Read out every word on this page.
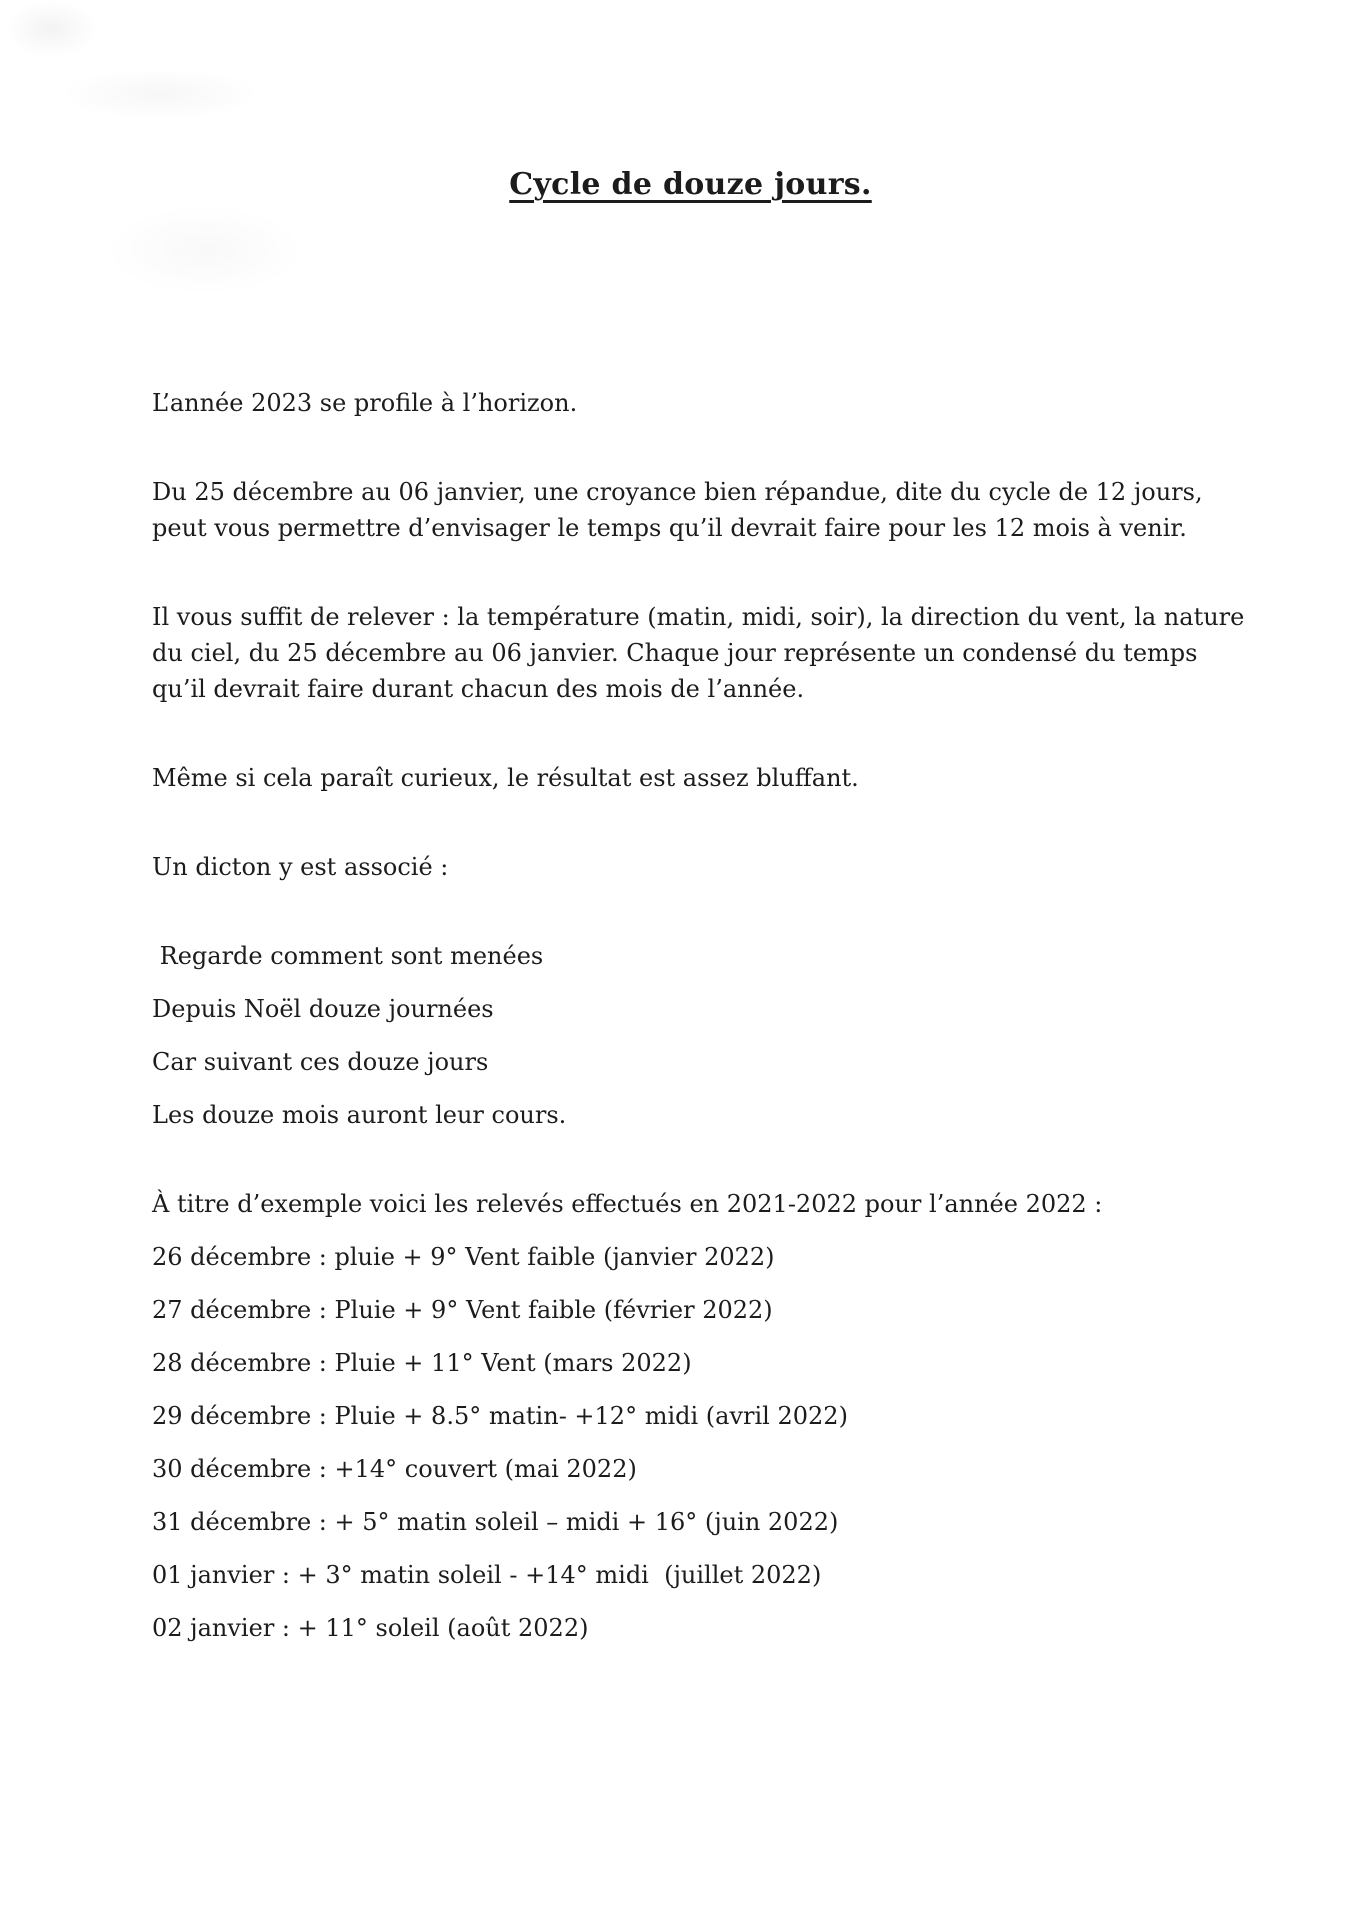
Cycle de douze jours.

L’année 2023 se profile à l’horizon.

Du 25 décembre au 06 janvier, une croyance bien répandue, dite du cycle de 12 jours,
peut vous permettre d’envisager le temps qu’il devrait faire pour les 12 mois à venir.

Il vous suffit de relever : la température (matin, midi, soir), la direction du vent, la nature
du ciel, du 25 décembre au 06 janvier. Chaque jour représente un condensé du temps
qu’il devrait faire durant chacun des mois de l’année.

Même si cela paraît curieux, le résultat est assez bluffant.

Un dicton y est associé :

Regarde comment sont menées

Depuis Noël douze journées

Car suivant ces douze jours

Les douze mois auront leur cours.

À titre d’exemple voici les relevés effectués en 2021-2022 pour l’année 2022 :

26 décembre : pluie + 9° Vent faible (janvier 2022)

27 décembre : Pluie + 9° Vent faible (février 2022)

28 décembre : Pluie + 11° Vent (mars 2022)

29 décembre : Pluie + 8.5° matin- +12° midi (avril 2022)

30 décembre : +14° couvert (mai 2022)

31 décembre : + 5° matin soleil – midi + 16° (juin 2022)

01 janvier : + 3° matin soleil - +14° midi  (juillet 2022)

02 janvier : + 11° soleil (août 2022)
